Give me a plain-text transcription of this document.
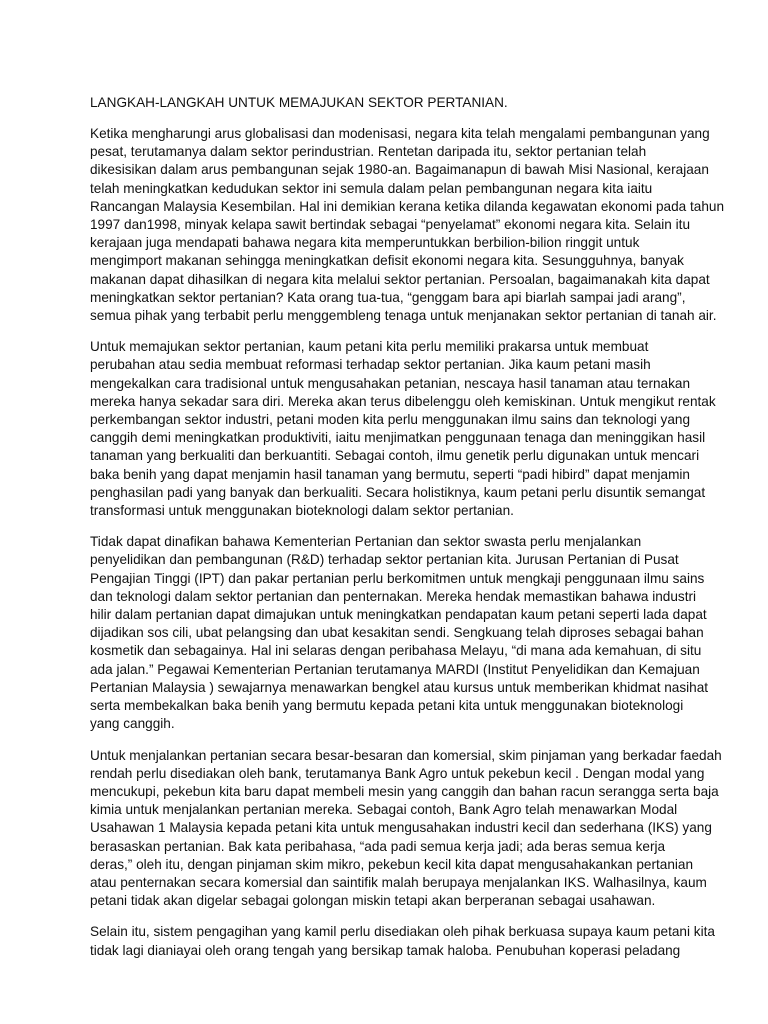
LANGKAH-LANGKAH UNTUK MEMAJUKAN SEKTOR PERTANIAN.
Ketika mengharungi arus globalisasi dan modenisasi, negara kita telah mengalami pembangunan yang
pesat, terutamanya dalam sektor perindustrian. Rentetan daripada itu, sektor pertanian telah
dikesisikan dalam arus pembangunan sejak 1980-an. Bagaimanapun di bawah Misi Nasional, kerajaan
telah meningkatkan kedudukan sektor ini semula dalam pelan pembangunan negara kita iaitu
Rancangan Malaysia Kesembilan. Hal ini demikian kerana ketika dilanda kegawatan ekonomi pada tahun
1997 dan1998, minyak kelapa sawit bertindak sebagai “penyelamat” ekonomi negara kita. Selain itu
kerajaan juga mendapati bahawa negara kita memperuntukkan berbilion-bilion ringgit untuk
mengimport makanan sehingga meningkatkan defisit ekonomi negara kita. Sesungguhnya, banyak
makanan dapat dihasilkan di negara kita melalui sektor pertanian. Persoalan, bagaimanakah kita dapat
meningkatkan sektor pertanian? Kata orang tua-tua, “genggam bara api biarlah sampai jadi arang”,
semua pihak yang terbabit perlu menggembleng tenaga untuk menjanakan sektor pertanian di tanah air.
Untuk memajukan sektor pertanian, kaum petani kita perlu memiliki prakarsa untuk membuat
perubahan atau sedia membuat reformasi terhadap sektor pertanian. Jika kaum petani masih
mengekalkan cara tradisional untuk mengusahakan petanian, nescaya hasil tanaman atau ternakan
mereka hanya sekadar sara diri. Mereka akan terus dibelenggu oleh kemiskinan. Untuk mengikut rentak
perkembangan sektor industri, petani moden kita perlu menggunakan ilmu sains dan teknologi yang
canggih demi meningkatkan produktiviti, iaitu menjimatkan penggunaan tenaga dan meninggikan hasil
tanaman yang berkualiti dan berkuantiti. Sebagai contoh, ilmu genetik perlu digunakan untuk mencari
baka benih yang dapat menjamin hasil tanaman yang bermutu, seperti “padi hibird” dapat menjamin
penghasilan padi yang banyak dan berkualiti. Secara holistiknya, kaum petani perlu disuntik semangat
transformasi untuk menggunakan bioteknologi dalam sektor pertanian.
Tidak dapat dinafikan bahawa Kementerian Pertanian dan sektor swasta perlu menjalankan
penyelidikan dan pembangunan (R&D) terhadap sektor pertanian kita. Jurusan Pertanian di Pusat
Pengajian Tinggi (IPT) dan pakar pertanian perlu berkomitmen untuk mengkaji penggunaan ilmu sains
dan teknologi dalam sektor pertanian dan penternakan. Mereka hendak memastikan bahawa industri
hilir dalam pertanian dapat dimajukan untuk meningkatkan pendapatan kaum petani seperti lada dapat
dijadikan sos cili, ubat pelangsing dan ubat kesakitan sendi. Sengkuang telah diproses sebagai bahan
kosmetik dan sebagainya. Hal ini selaras dengan peribahasa Melayu, “di mana ada kemahuan, di situ
ada jalan.” Pegawai Kementerian Pertanian terutamanya MARDI (Institut Penyelidikan dan Kemajuan
Pertanian Malaysia ) sewajarnya menawarkan bengkel atau kursus untuk memberikan khidmat nasihat
serta membekalkan baka benih yang bermutu kepada petani kita untuk menggunakan bioteknologi
yang canggih.
Untuk menjalankan pertanian secara besar-besaran dan komersial, skim pinjaman yang berkadar faedah
rendah perlu disediakan oleh bank, terutamanya Bank Agro untuk pekebun kecil . Dengan modal yang
mencukupi, pekebun kita baru dapat membeli mesin yang canggih dan bahan racun serangga serta baja
kimia untuk menjalankan pertanian mereka. Sebagai contoh, Bank Agro telah menawarkan Modal
Usahawan 1 Malaysia kepada petani kita untuk mengusahakan industri kecil dan sederhana (IKS) yang
berasaskan pertanian. Bak kata peribahasa, “ada padi semua kerja jadi; ada beras semua kerja
deras,” oleh itu, dengan pinjaman skim mikro, pekebun kecil kita dapat mengusahakankan pertanian
atau penternakan secara komersial dan saintifik malah berupaya menjalankan IKS. Walhasilnya, kaum
petani tidak akan digelar sebagai golongan miskin tetapi akan berperanan sebagai usahawan.
Selain itu, sistem pengagihan yang kamil perlu disediakan oleh pihak berkuasa supaya kaum petani kita
tidak lagi dianiayai oleh orang tengah yang bersikap tamak haloba. Penubuhan koperasi peladang
